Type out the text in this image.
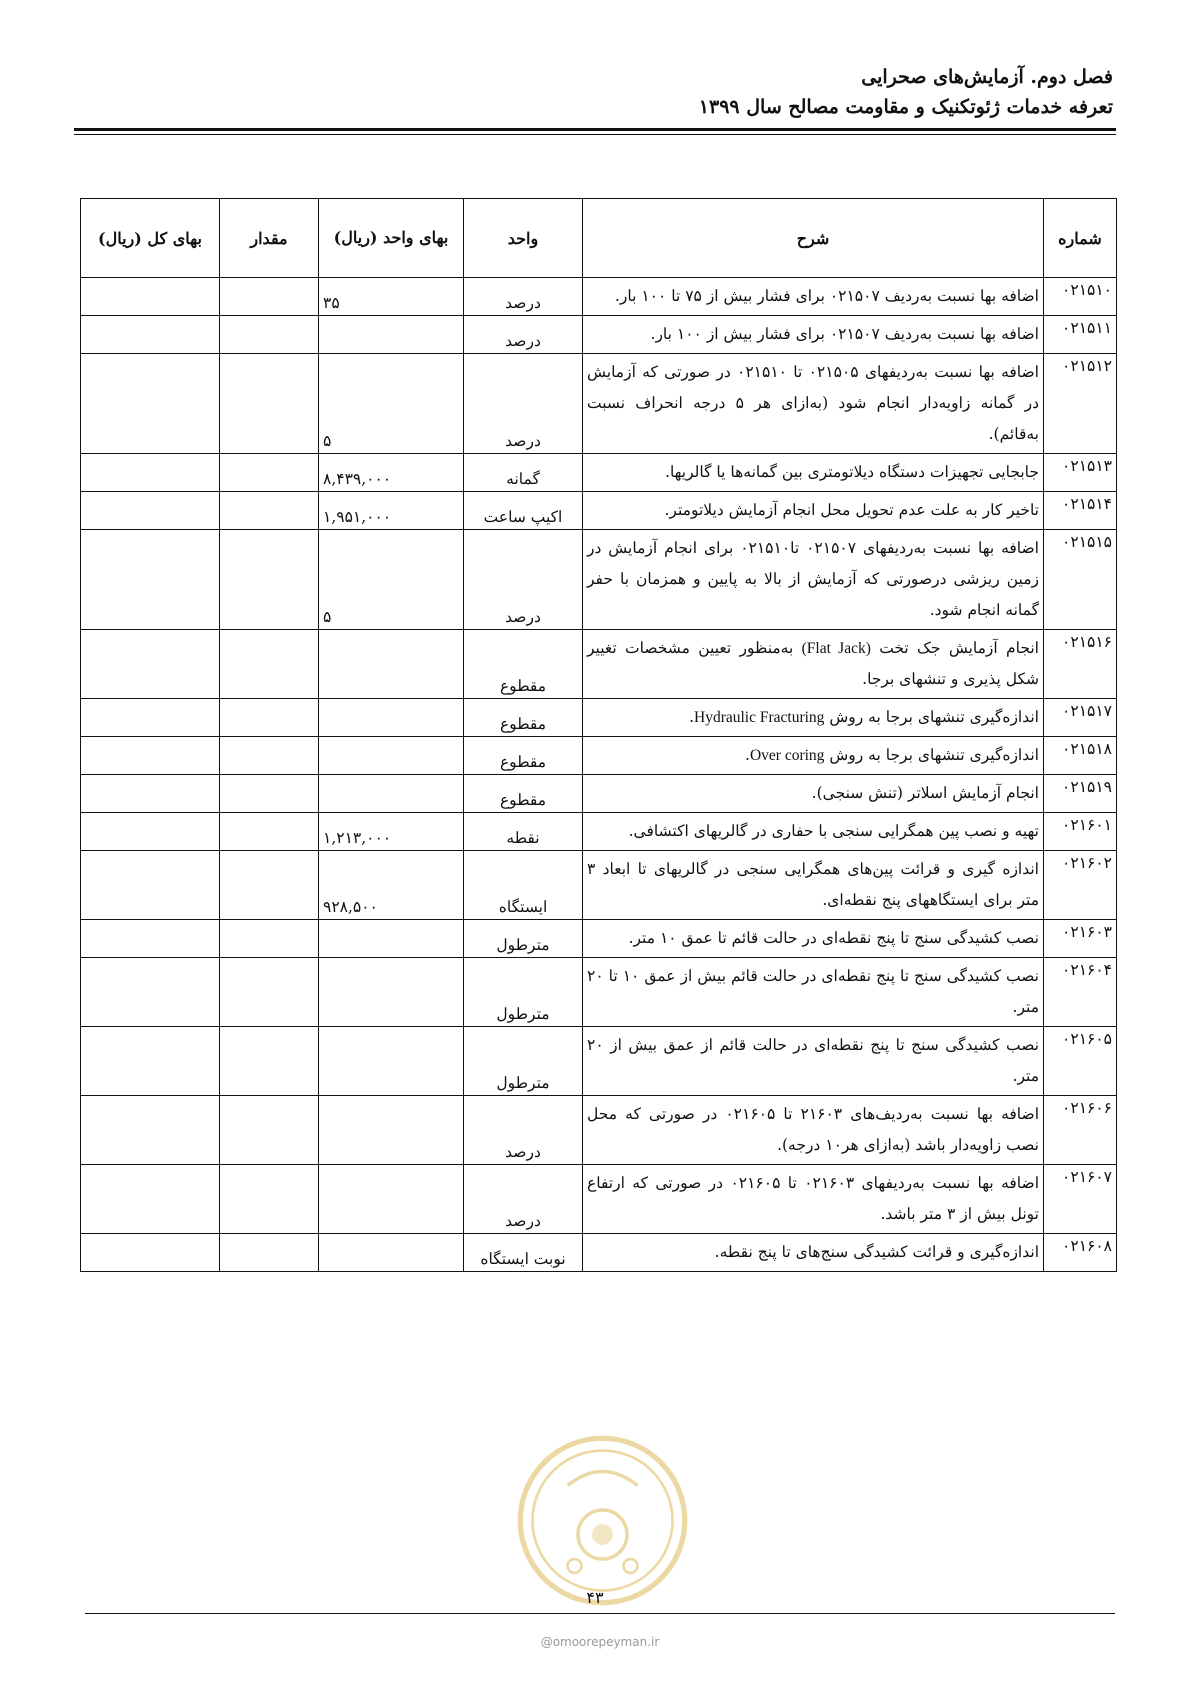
فصل دوم. آزمایش‌های صحرایی
تعرفه خدمات ژئوتکنیک و مقاومت مصالح سال ۱۳۹۹
شماره	شرح	واحد	بهای واحد (ریال)	مقدار	بهای کل (ریال)
۰۲۱۵۱۰	اضافه بها نسبت به‌ردیف ۰۲۱۵۰۷ برای فشار بیش از ۷۵ تا ۱۰۰ بار.	درصد	۳۵		
۰۲۱۵۱۱	اضافه بها نسبت به‌ردیف ۰۲۱۵۰۷ برای فشار بیش از ۱۰۰ بار.	درصد			
۰۲۱۵۱۲	اضافه بها نسبت به‌ردیفهای ۰۲۱۵۰۵ تا ۰۲۱۵۱۰ در صورتی که آزمایش در گمانه زاویه‌دار انجام شود (به‌ازای هر ۵ درجه انحراف نسبت به‌قائم).	درصد	۵		
۰۲۱۵۱۳	جابجایی تجهیزات دستگاه دیلاتومتری بین گمانه‌ها یا گالریها.	گمانه	۸,۴۳۹,۰۰۰		
۰۲۱۵۱۴	تاخیر کار به علت عدم تحویل محل انجام آزمایش دیلاتومتر.	اکیپ ساعت	۱,۹۵۱,۰۰۰		
۰۲۱۵۱۵	اضافه بها نسبت به‌ردیفهای ۰۲۱۵۰۷ تا۰۲۱۵۱۰ برای انجام آزمایش در زمین ریزشی درصورتی که آزمایش از بالا به پایین و همزمان با حفر گمانه انجام شود.	درصد	۵		
۰۲۱۵۱۶	انجام آزمایش جک تخت (Flat Jack) به‌منظور تعیین مشخصات تغییر شکل پذیری و تنشهای برجا.	مقطوع			
۰۲۱۵۱۷	اندازه‌گیری تنشهای برجا به روش Hydraulic Fracturing.	مقطوع			
۰۲۱۵۱۸	اندازه‌گیری تنشهای برجا به روش Over coring.	مقطوع			
۰۲۱۵۱۹	انجام آزمایش اسلاتر (تنش سنجی).	مقطوع			
۰۲۱۶۰۱	تهیه و نصب پین همگرایی سنجی با حفاری در گالریهای اکتشافی.	نقطه	۱,۲۱۳,۰۰۰		
۰۲۱۶۰۲	اندازه گیری و قرائت پین‌های همگرایی سنجی در گالریهای تا ابعاد ۳ متر برای ایستگاههای پنج نقطه‌ای.	ایستگاه	۹۲۸,۵۰۰		
۰۲۱۶۰۳	نصب کشیدگی سنج تا پنج نقطه‌ای در حالت قائم تا عمق ۱۰ متر.	مترطول			
۰۲۱۶۰۴	نصب کشیدگی سنج تا پنج نقطه‌ای در حالت قائم بیش از عمق ۱۰ تا ۲۰ متر.	مترطول			
۰۲۱۶۰۵	نصب کشیدگی سنج تا پنج نقطه‌ای در حالت قائم از عمق بیش از ۲۰ متر.	مترطول			
۰۲۱۶۰۶	اضافه بها نسبت به‌ردیف‌های ۲۱۶۰۳ تا ۰۲۱۶۰۵ در صورتی که محل نصب زاویه‌دار باشد (به‌ازای هر۱۰ درجه).	درصد			
۰۲۱۶۰۷	اضافه بها نسبت به‌ردیفهای ۰۲۱۶۰۳ تا ۰۲۱۶۰۵ در صورتی که ارتفاع تونل بیش از ۳ متر باشد.	درصد			
۰۲۱۶۰۸	اندازه‌گیری و قرائت کشیدگی سنج‌های تا پنج نقطه.	نوبت ایستگاه			
۴۳
@omoorepeyman.ir
